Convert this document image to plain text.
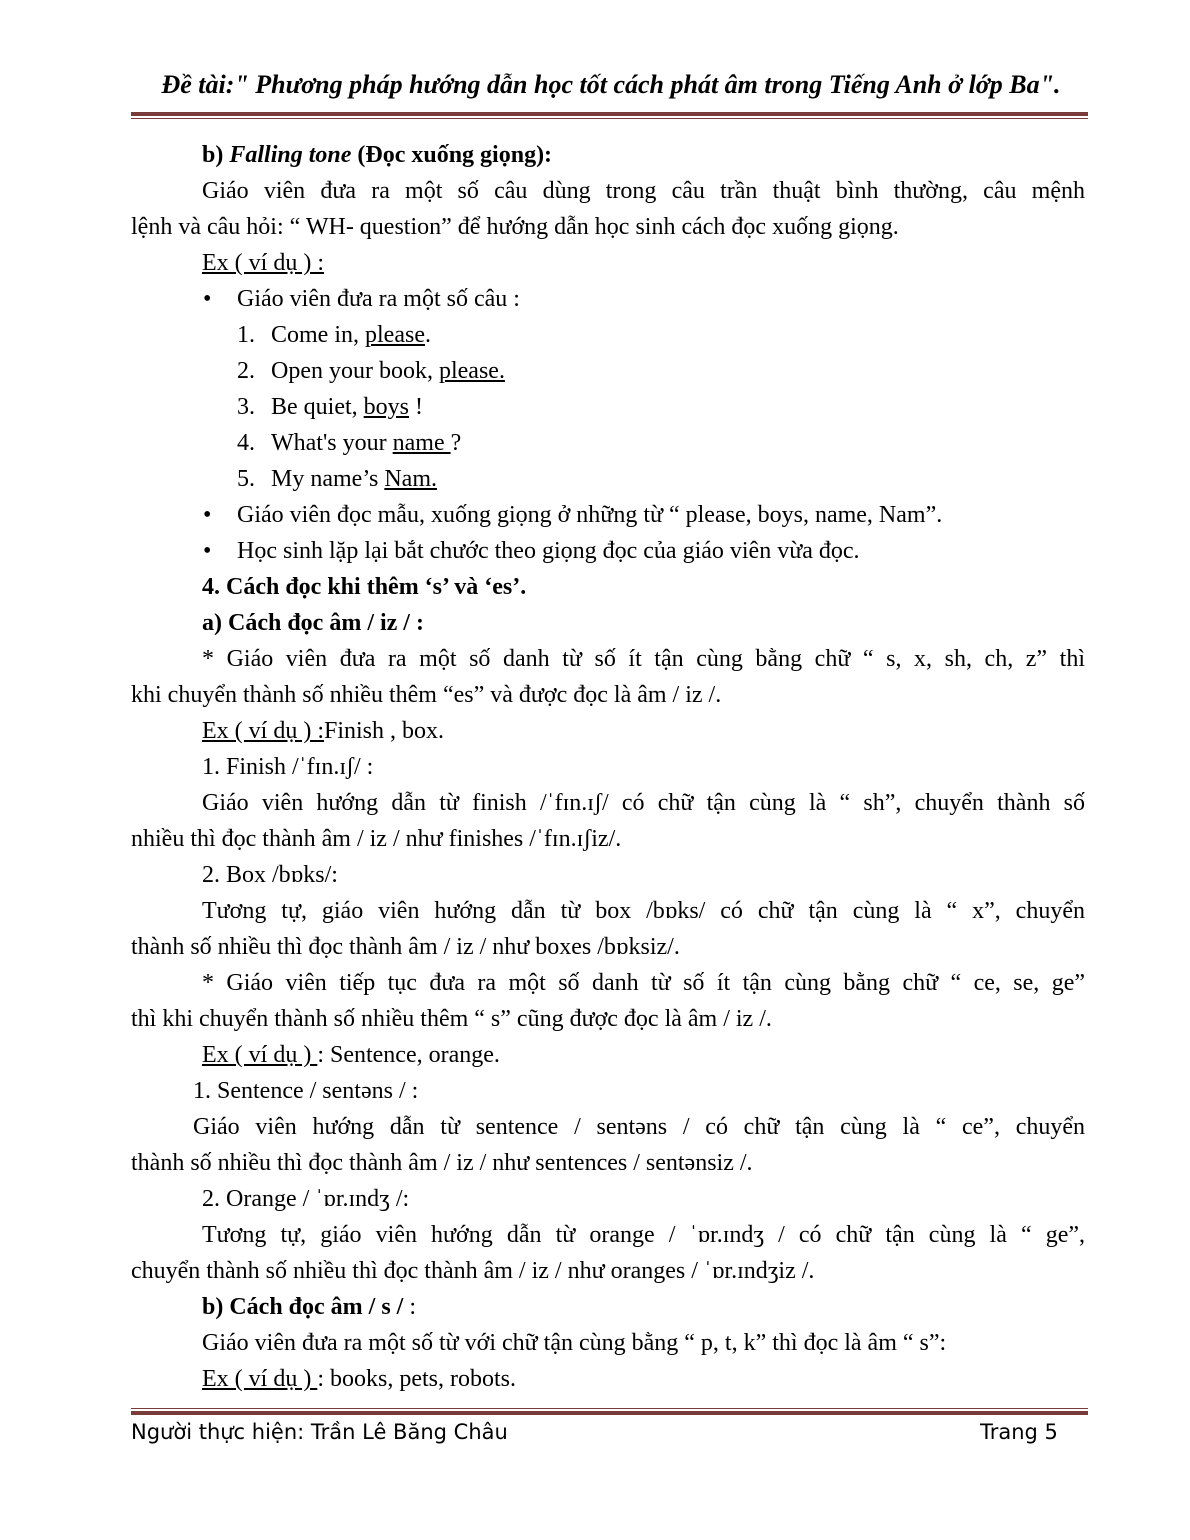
Đề tài:" Phương pháp hướng dẫn học tốt cách phát âm trong Tiếng Anh ở lớp Ba".
b) Falling tone (Đọc xuống giọng):
Giáo viên đưa ra một số câu dùng trong câu trần thuật bình thường, câu mệnh
lệnh và câu hỏi: “ WH- question” để hướng dẫn học sinh cách đọc xuống giọng.
Ex ( ví dụ ) :
• Giáo viên đưa ra một số câu :
1. Come in, please.
2. Open your book, please.
3. Be quiet, boys !
4. What's your name ?
5. My name’s Nam.
• Giáo viên đọc mẫu, xuống giọng ở những từ “ please, boys, name, Nam”.
• Học sinh lặp lại bắt chước theo giọng đọc của giáo viên vừa đọc.
4. Cách đọc khi thêm ‘s’ và ‘es’.
a) Cách đọc âm / iz / :
* Giáo viên đưa ra một số danh từ số ít tận cùng bằng chữ “ s, x, sh, ch, z” thì
khi chuyển thành số nhiều thêm “es” và được đọc là âm / iz /.
Ex ( ví dụ ) :Finish , box.
1. Finish /ˈfɪn.ɪʃ/ :
Giáo viên hướng dẫn từ finish /ˈfɪn.ɪʃ/ có chữ tận cùng là “ sh”, chuyển thành số
nhiều thì đọc thành âm / iz / như finishes /ˈfɪn.ɪʃiz/.
2. Box /bɒks/:
Tương tự, giáo viên hướng dẫn từ box /bɒks/ có chữ tận cùng là “ x”, chuyển
thành số nhiều thì đọc thành âm / iz / như boxes /bɒksiz/.
* Giáo viên tiếp tục đưa ra một số danh từ số ít tận cùng bằng chữ “ ce, se, ge”
thì khi chuyển thành số nhiều thêm “ s” cũng được đọc là âm / iz /.
Ex ( ví dụ ) : Sentence, orange.
1. Sentence / sentəns / :
Giáo viên hướng dẫn từ sentence / sentəns / có chữ tận cùng là “ ce”, chuyển
thành số nhiều thì đọc thành âm / iz / như sentences / sentənsiz /.
2. Orange / ˈɒr.ɪndʒ /:
Tương tự, giáo viên hướng dẫn từ orange / ˈɒr.ɪndʒ / có chữ tận cùng là “ ge”,
chuyển thành số nhiều thì đọc thành âm / iz / như oranges / ˈɒr.ɪndʒiz /.
b) Cách đọc âm / s / :
Giáo viên đưa ra một số từ với chữ tận cùng bằng “ p, t, k” thì đọc là âm “ s”:
Ex ( ví dụ ) : books, pets, robots.
Người thực hiện: Trần Lê Băng Châu	Trang 5
